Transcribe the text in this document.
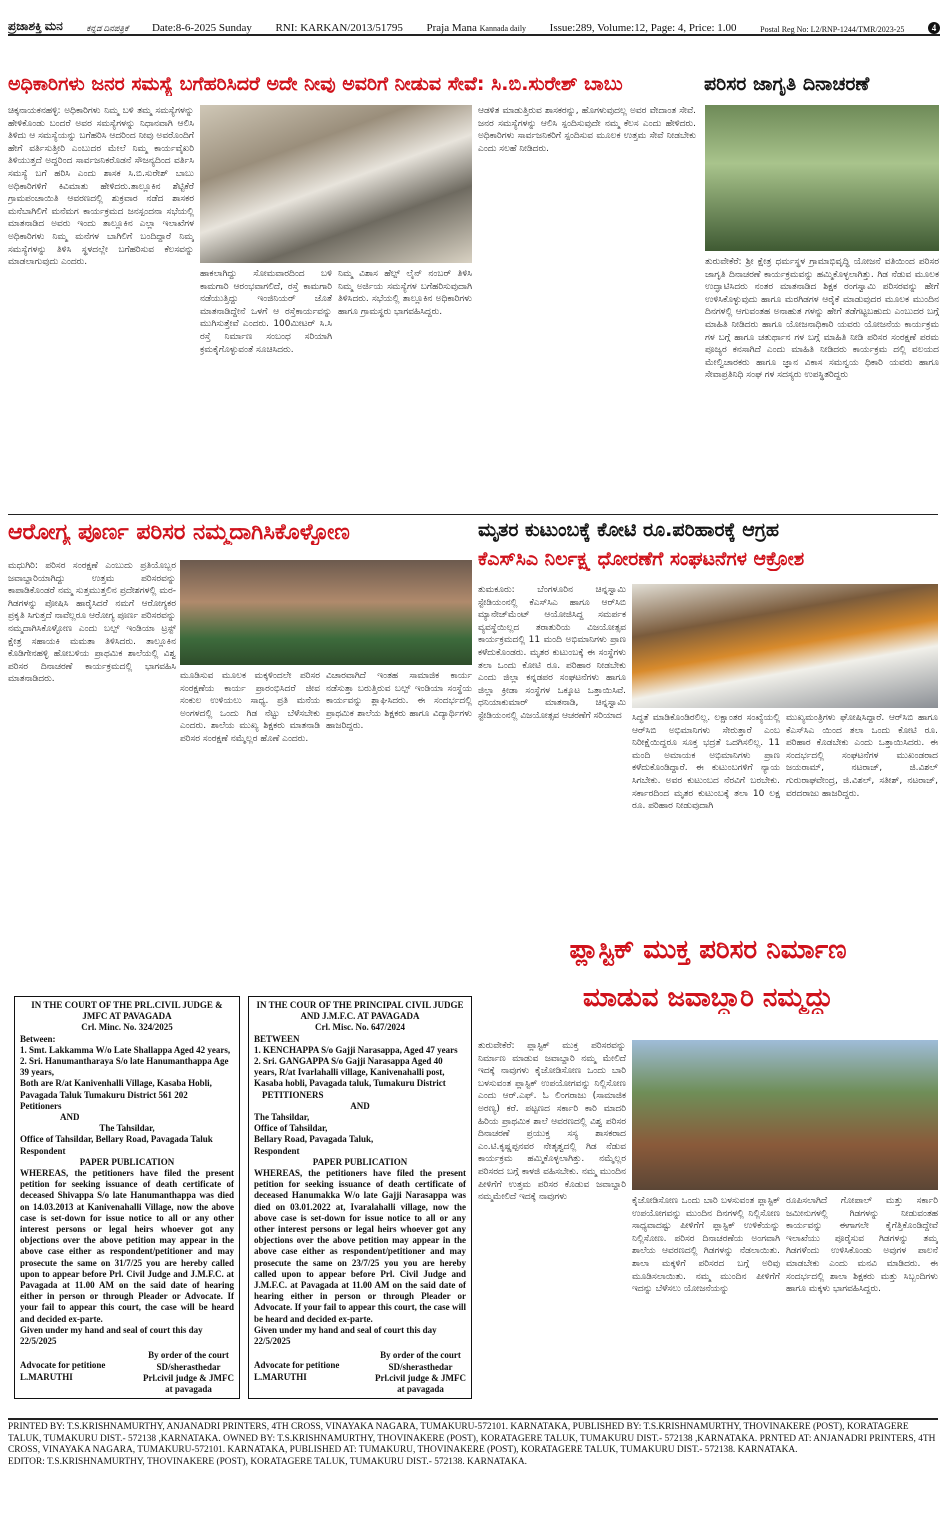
ಪ್ರಜಾಶಕ್ತಿ ಮನ	ಕನ್ನಡ ದಿನಪತ್ರಿಕೆ Date:8-6-2025 Sunday RNI: KARKAN/2013/51795 Praja Mana Kannada daily Issue:289, Volume:12, Page: 4, Price: 1.00	Postal Reg No: L2/RNP-1244/TMR/2023-25	4
ಅಧಿಕಾರಿಗಳು ಜನರ ಸಮಸ್ಯೆ ಬಗೆಹರಿಸಿದರೆ ಅದೇ ನೀವು ಅವರಿಗೆ ನೀಡುವ ಸೇವೆ: ಸಿ.ಬಿ.ಸುರೇಶ್ ಬಾಬು
ಚಿಕ್ಕನಾಯಕನಹಳ್ಳಿ: ಅಧಿಕಾರಿಗಳು ನಿಮ್ಮ ಬಳಿ ತಮ್ಮ ಸಮಸ್ಯೆಗಳನ್ನು ಹೇಳಿಕೊಂಡು ಬಂದರೆ ಅವರ ಸಮಸ್ಯೆಗಳನ್ನು ನಿಧಾನವಾಗಿ ಆಲಿಸಿ ತಿಳಿದು ಆ ಸಮಸ್ಯೆಯನ್ನು ಬಗೆಹರಿಸಿ ಆದರಿಂದ ನೀವು ಅವರೊಂದಿಗೆ ಹೇಗೆ ವರ್ತಿಸುತ್ತೀರಿ ಎಂಬುದರ ಮೇಲೆ ನಿಮ್ಮ ಕಾರ್ಯವೈಖರಿ ತಿಳಿಯುತ್ತದೆ ಅದ್ದರಿಂದ ಸಾರ್ವಜನಿಕರೊಡನೆ ಸೌಜನ್ಯದಿಂದ ವರ್ತಿಸಿ ಸಮಸ್ಯೆ ಬಗೆ ಹರಿಸಿ ಎಂದು ಶಾಸಕ ಸಿ.ಬಿ.ಸುರೇಶ್ ಬಾಬು ಅಧಿಕಾರಿಗಳಿಗೆ ಕಿವಿಮಾತು ಹೇಳಿದರು.ತಾಲ್ಲೂಕಿನ ಶೆಟ್ಟಿಕೆರೆ ಗ್ರಾಮಪಂಚಾಯಿತಿ ಆವರಣದಲ್ಲಿ ಶುಕ್ರವಾರ ನಡೆದ ಶಾಸಕರ ಮನೆಬಾಗಿಲಿಗೆ ಮನೆಮಗ ಕಾರ್ಯಕ್ರಮದ ಜನಸ್ಪಂದನಾ ಸಭೆಯಲ್ಲಿ ಮಾತನಾಡಿದ ಅವರು ಇಂದು ತಾಲ್ಲೂಕಿನ ಎಲ್ಲಾ ಇಲಾಖೆಗಳ ಅಧಿಕಾರಿಗಳು ನಿಮ್ಮ ಮನೆಗಳ ಬಾಗಿಲಿಗೆ ಬಂದಿದ್ದಾರೆ ನಿಮ್ಮ ಸಮಸ್ಯೆಗಳನ್ನು ತಿಳಿಸಿ ಸ್ಥಳದಲ್ಲೇ ಬಗೆಹರಿಸುವ ಕೆಲಸವನ್ನು ಮಾಡಲಾಗುವುದು ಎಂದರು.
ಹಾಕಲಾಗಿದ್ದು ಸೋಮವಾರದಿಂದ ಬಳಿ ಕಾಮಗಾರಿ ಆರಂಭವಾಗಲಿದೆ, ರಸ್ತೆ ಕಾಮಗಾರಿ ನಡೆಯುತ್ತಿದ್ದು ಇಂಜಿನಿಯರ್ ಜೊತೆ ಮಾತನಾಡಿದ್ದೇನೆ ಒಳಗೆ ಆ ರಸ್ತೆಕಾರ್ಯವನ್ನು ಮುಗಿಸುತ್ತೇವೆ ಎಂದರು. 100ಮೀಟರ್ ಸಿ.ಸಿ ರಸ್ತೆ ನಿರ್ಮಾಣ ಸಂಬಂಧ ಸರಿಯಾಗಿ ಕ್ರಮಕೈಗೊಳ್ಳುವಂತೆ ಸೂಚಿಸಿದರು.
ನಿಮ್ಮ ವಿಶಾಸ ಹೆಲ್ಪ್ ಲೈನ್ ನಂಬರ್ ತಿಳಿಸಿ ನಿಮ್ಮ ಅರ್ಜಿಯ ಸಮಸ್ಯೆಗಳ ಬಗೆಹರಿಸುವುದಾಗಿ ತಿಳಿಸಿದರು. ಸಭೆಯಲ್ಲಿ ತಾಲ್ಲೂಕಿನ ಅಧಿಕಾರಿಗಳು ಹಾಗೂ ಗ್ರಾಮಸ್ಥರು ಭಾಗವಹಿಸಿದ್ದರು.
ಆಡಳಿತ ಮಾಡುತ್ತಿರುವ ಶಾಸಕರನ್ನು, ಹೊಗಳುವುದಲ್ಲ ಅವರ ವೇದಾಂತ ಸೇವೆ. ಜನರ ಸಮಸ್ಯೆಗಳನ್ನು ಆಲಿಸಿ ಸ್ಪಂದಿಸುವುದೇ ನಮ್ಮ ಕೆಲಸ ಎಂದು ಹೇಳಿದರು. ಅಧಿಕಾರಿಗಳು ಸಾರ್ವಜನಿಕರಿಗೆ ಸ್ಪಂದಿಸುವ ಮೂಲಕ ಉತ್ತಮ ಸೇವೆ ನೀಡಬೇಕು ಎಂದು ಸಲಹೆ ನೀಡಿದರು.
ಪರಿಸರ ಜಾಗೃತಿ ದಿನಾಚರಣೆ
ತುರುವೇಕೆರೆ: ಶ್ರೀ ಕ್ಷೇತ್ರ ಧರ್ಮಸ್ಥಳ ಗ್ರಾಮಾಭಿವೃದ್ಧಿ ಯೋಜನೆ ವತಿಯಿಂದ ಪರಿಸರ ಜಾಗೃತಿ ದಿನಾಚರಣೆ ಕಾರ್ಯಕ್ರಮವನ್ನು ಹಮ್ಮಿಕೊಳ್ಳಲಾಗಿತ್ತು. ಗಿಡ ನೆಡುವ ಮೂಲಕ ಉದ್ಘಾಟಿಸಿದರು ನಂತರ ಮಾತನಾಡಿದ ಶಿಕ್ಷಕ ರಂಗಸ್ವಾಮಿ ಪರಿಸರವನ್ನು ಹೇಗೆ ಉಳಿಸಿಕೊಳ್ಳುವುದು ಹಾಗೂ ಮರಗಿಡಗಳ ಆರೈಕೆ ಮಾಡುವುದರ ಮೂಲಕ ಮುಂದಿನ ದಿನಗಳಲ್ಲಿ ಆಗುವಂತಹ ಅನಾಹುತ ಗಳನ್ನು ಹೇಗೆ ತಡೆಗಟ್ಟಬಹುದು ಎಂಬುದರ ಬಗ್ಗೆ ಮಾಹಿತಿ ನೀಡಿದರು ಹಾಗೂ ಯೋಜನಾಧಿಕಾರಿ ಯವರು ಯೋಜನೆಯ ಕಾರ್ಯಕ್ರಮ ಗಳ ಬಗ್ಗೆ ಹಾಗೂ ಚತುರ್ಥಾನ ಗಳ ಬಗ್ಗೆ ಮಾಹಿತಿ ನೀಡಿ ಪರಿಸರ ಸಂರಕ್ಷಣೆ ಪರಮ ಪೂಜ್ಯರ ಕನಸಾಗಿದೆ ಎಂದು ಮಾಹಿತಿ ನೀಡಿದರು ಕಾರ್ಯಕ್ರಮ ದಲ್ಲಿ ವಲಯದ ಮೇಲ್ವಿಚಾರಕರು ಹಾಗೂ ಜ್ಞಾನ ವಿಕಾಸ ಸಮನ್ವಯ ಧಿಕಾರಿ ಯವರು ಹಾಗೂ ಸೇವಾಪ್ರತಿನಿಧಿ ಸಂಘ ಗಳ ಸದಸ್ಯರು ಉಪಸ್ಥಿತರಿದ್ದರು
ಆರೋಗ್ಯ ಪೂರ್ಣ ಪರಿಸರ ನಮ್ಮದಾಗಿಸಿಕೊಳ್ಳೋಣ
ಮಧುಗಿರಿ: ಪರಿಸರ ಸಂರಕ್ಷಣೆ ಎಂಬುದು ಪ್ರತಿಯೊಬ್ಬರ ಜವಾಬ್ದಾರಿಯಾಗಿದ್ದು ಉತ್ತಮ ಪರಿಸರವನ್ನು ಕಾಪಾಡಿಕೊಂಡರೆ ನಮ್ಮ ಸುತ್ತಮುತ್ತಲಿನ ಪ್ರದೇಶಗಳಲ್ಲಿ ಮರ-ಗಿಡಗಳನ್ನು ಪೋಷಿಸಿ ಹಾರೈಸಿದರೆ ನಮಗೆ ಆರೋಗ್ಯಕರ ಪ್ರಕೃತಿ ಸಿಗುತ್ತದೆ ನಾವೆಲ್ಲರೂ ಆರೋಗ್ಯ ಪೂರ್ಣ ಪರಿಸರವನ್ನು ನಮ್ಮದಾಗಿಸಿಕೊಳ್ಳೋಣ ಎಂದು ಬಲ್ಪ್ ಇಂಡಿಯಾ ಟ್ರಸ್ಟ್ ಕ್ಷೇತ್ರ ಸಹಾಯಕಿ ಮಮತಾ ತಿಳಿಸಿದರು. ತಾಲ್ಲೂಕಿನ ಕೊಡಿಗೇನಹಳ್ಳಿ ಹೋಬಳಿಯ ಪ್ರಾಥಮಿಕ ಶಾಲೆಯಲ್ಲಿ ವಿಶ್ವ ಪರಿಸರ ದಿನಾಚರಣೆ ಕಾರ್ಯಕ್ರಮದಲ್ಲಿ ಭಾಗವಹಿಸಿ ಮಾತನಾಡಿದರು.	ಮೂಡಿಸುವ ಮೂಲಕ ಮಕ್ಕಳಿಂದಲೇ ಪರಿಸರ ಸಂರಕ್ಷಣೆಯ ಕಾರ್ಯ ಪ್ರಾರಂಭಿಸಿದರೆ ಜೀವ ಸಂಕುಲ ಉಳಿಯಲು ಸಾಧ್ಯ. ಪ್ರತಿ ಮನೆಯ ಅಂಗಳದಲ್ಲಿ ಒಂದು ಗಿಡ ನೆಟ್ಟು ಬೆಳೆಸಬೇಕು ಎಂದರು. ಶಾಲೆಯ ಮುಖ್ಯ ಶಿಕ್ಷಕರು ಮಾತನಾಡಿ ಪರಿಸರ ಸಂರಕ್ಷಣೆ ನಮ್ಮೆಲ್ಲರ ಹೊಣೆ ಎಂದರು.
ವಿಚಾರವಾಗಿದೆ ಇಂತಹ ಸಾಮಾಜಿಕ ಕಾರ್ಯ ನಡೆಸುತ್ತಾ ಬರುತ್ತಿರುವ ಬಲ್ಪ್ ಇಂಡಿಯಾ ಸಂಸ್ಥೆಯ ಕಾರ್ಯವನ್ನು ಶ್ಲಾಘಿಸಿದರು. ಈ ಸಂದರ್ಭದಲ್ಲಿ ಪ್ರಾಥಮಿಕ ಶಾಲೆಯ ಶಿಕ್ಷಕರು ಹಾಗೂ ವಿದ್ಯಾರ್ಥಿಗಳು ಹಾಜರಿದ್ದರು.
ಮೃತರ ಕುಟುಂಬಕ್ಕೆ ಕೋಟಿ ರೂ.ಪರಿಹಾರಕ್ಕೆ ಆಗ್ರಹ
ಕೆಎಸ್‌ಸಿಎ ನಿರ್ಲಕ್ಷ್ಯ ಧೋರಣೆಗೆ ಸಂಘಟನೆಗಳ ಆಕ್ರೋಶ
ತುಮಕೂರು: ಬೆಂಗಳೂರಿನ ಚಿನ್ನಸ್ವಾಮಿ ಸ್ಟೇಡಿಯಂನಲ್ಲಿ ಕೆಎಸ್‌ಸಿಎ ಹಾಗೂ ಆರ್‌ಸಿಬಿ ಮ್ಯಾನೇಜ್‌ಮೆಂಟ್ ಆಯೋಜಿಸಿದ್ದ ಸಮರ್ಪಕ ವ್ಯವಸ್ಥೆಯಿಲ್ಲದ ತರಾತುರಿಯ ವಿಜಯೋತ್ಸವ ಕಾರ್ಯಕ್ರಮದಲ್ಲಿ 11 ಮಂದಿ ಅಭಿಮಾನಿಗಳು ಪ್ರಾಣ ಕಳೆದುಕೊಂಡರು. ಮೃತರ ಕುಟುಂಬಕ್ಕೆ ಈ ಸಂಸ್ಥೆಗಳು ತಲಾ ಒಂದು ಕೋಟಿ ರೂ. ಪರಿಹಾರ ನೀಡಬೇಕು ಎಂದು ಜಿಲ್ಲಾ ಕನ್ನಡಪರ ಸಂಘಟನೆಗಳು ಹಾಗೂ ಜಿಲ್ಲಾ ಕ್ರೀಡಾ ಸಂಸ್ಥೆಗಳ ಒಕ್ಕೂಟ ಒತ್ತಾಯಿಸಿವೆ. ಧನಿಯಾಕುಮಾರ್ ಮಾತನಾಡಿ, ಚಿನ್ನಸ್ವಾಮಿ ಸ್ಟೇಡಿಯಂನಲ್ಲಿ ವಿಜಯೋತ್ಸವ ಆಚರಣೆಗೆ ಸರಿಯಾದ	ಸಿದ್ಧತೆ ಮಾಡಿಕೊಂಡಿರಲಿಲ್ಲ. ಲಕ್ಷಾಂತರ ಸಂಖ್ಯೆಯಲ್ಲಿ ಆರ್‌ಸಿಬಿ ಅಭಿಮಾನಿಗಳು ಸೇರುತ್ತಾರೆ ಎಂಬ ನಿರೀಕ್ಷೆಯಿದ್ದರೂ ಸೂಕ್ತ ಭದ್ರತೆ ಒದಗಿಸಲಿಲ್ಲ. 11 ಮಂದಿ ಅಮಾಯಕ ಅಭಿಮಾನಿಗಳು ಪ್ರಾಣ ಕಳೆದುಕೊಂಡಿದ್ದಾರೆ. ಈ ಕುಟುಂಬಗಳಿಗೆ ನ್ಯಾಯ ಸಿಗಬೇಕು. ಅವರ ಕುಟುಂಬದ ನೆರವಿಗೆ ಬರಬೇಕು. ಸರ್ಕಾರದಿಂದ ಮೃತರ ಕುಟುಂಬಕ್ಕೆ ತಲಾ 10 ಲಕ್ಷ ರೂ. ಪರಿಹಾರ ನೀಡುವುದಾಗಿ
ಮುಖ್ಯಮಂತ್ರಿಗಳು ಘೋಷಿಸಿದ್ದಾರೆ. ಆರ್‌ಸಿಬಿ ಹಾಗೂ ಕೆಎಸ್‌ಸಿಎ ಯಿಂದ ತಲಾ ಒಂದು ಕೋಟಿ ರೂ. ಪರಿಹಾರ ಕೊಡಬೇಕು ಎಂದು ಒತ್ತಾಯಿಸಿದರು. ಈ ಸಂದರ್ಭದಲ್ಲಿ ಸಂಘಟನೆಗಳ ಮುಖಂಡರಾದ ಜಯರಾಮ್, ನಟರಾಜ್, ಜಿ.ವಿಶಲ್ ಗುರುರಾಘವೇಂದ್ರ, ಜಿ.ವಿಶಲ್, ಸತೀಶ್, ನಟರಾಜ್, ವರದರಾಜು ಹಾಜರಿದ್ದರು.
ಪ್ಲಾಸ್ಟಿಕ್ ಮುಕ್ತ ಪರಿಸರ ನಿರ್ಮಾಣ
ಮಾಡುವ ಜವಾಬ್ದಾರಿ ನಮ್ಮದ್ದು
ತುರುವೇಕೆರೆ: ಪ್ಲಾಸ್ಟಿಕ್ ಮುಕ್ತ ಪರಿಸರವನ್ನು ನಿರ್ಮಾಣ ಮಾಡುವ ಜವಾಬ್ದಾರಿ ನಮ್ಮ ಮೇಲಿದೆ ಇದಕ್ಕೆ ನಾವುಗಳು ಕೈಜೋಡಿಸೋಣ ಒಂದು ಬಾರಿ ಬಳಸುವಂತ ಪ್ಲಾಸ್ಟಿಕ್ ಉಪಯೋಗವನ್ನು ನಿಲ್ಲಿಸೋಣ ಎಂದು ಆರ್.ಎಫ್. ಓ ಲಿಂಗರಾಜು (ಸಾಮಾಜಿಕ ಅರಣ್ಯ) ಕರೆ. ಪಟ್ಟಣದ ಸರ್ಕಾರಿ ಕಾರಿ ಮಾದರಿ ಹಿರಿಯ ಪ್ರಾಥಮಿಕ ಶಾಲೆ ಆವರಣದಲ್ಲಿ ವಿಶ್ವ ಪರಿಸರ ದಿನಾಚರಣೆ ಪ್ರಯುಕ್ತ ಸಸ್ಯ ಶಾಸಕರಾದ ಎಂ.ಟಿ.ಕೃಷ್ಣಪ್ಪನವರ ನೇತೃತ್ವದಲ್ಲಿ ಗಿಡ ನೆಡುವ ಕಾರ್ಯಕ್ರಮ ಹಮ್ಮಿಕೊಳ್ಳಲಾಗಿತ್ತು. ನಮ್ಮೆಲ್ಲರ ಪರಿಸರದ ಬಗ್ಗೆ ಕಾಳಜಿ ವಹಿಸಬೇಕು. ನಮ್ಮ ಮುಂದಿನ ಪೀಳಿಗೆಗೆ ಉತ್ತಮ ಪರಿಸರ ಕೊಡುವ ಜವಾಬ್ದಾರಿ ನಮ್ಮಮೇಲಿದೆ ಇದಕ್ಕೆ ನಾವುಗಳು	ಕೈಜೋಡಿಸೋಣ ಒಂದು ಬಾರಿ ಬಳಸುವಂತ ಪ್ಲಾಸ್ಟಿಕ್ ಉಪಯೋಗವನ್ನು ಮುಂದಿನ ದಿನಗಳಲ್ಲಿ ನಿಲ್ಲಿಸೋಣ ಸಾಧ್ಯವಾದಷ್ಟು ಪೀಳಿಗೆಗೆ ಪ್ಲಾಸ್ಟಿಕ್ ಉಳಿಕೆಯನ್ನು ನಿಲ್ಲಿಸೋಣ. ಪರಿಸರ ದಿನಾಚರಣೆಯ ಅಂಗವಾಗಿ ಶಾಲೆಯ ಆವರಣದಲ್ಲಿ ಗಿಡಗಳನ್ನು ನೆಡಲಾಯಿತು. ಶಾಲಾ ಮಕ್ಕಳಿಗೆ ಪರಿಸರದ ಬಗ್ಗೆ ಅರಿವು ಮೂಡಿಸಲಾಯಿತು. ನಮ್ಮ ಮುಂದಿನ ಪೀಳಿಗೆಗೆ ಇದನ್ನು ಬೆಳೆಸಲು ಯೋಜನೆಯನ್ನು
ರೂಪಿಸಲಾಗಿದೆ ಗೋಪಾಲ್ ಮತ್ತು ಸರ್ಕಾರಿ ಜಮೀನುಗಳಲ್ಲಿ ಗಿಡಗಳನ್ನು ನೀಡುವಂತಹ ಕಾರ್ಯವನ್ನು ಈಗಾಗಲೇ ಕೈಗೆತ್ತಿಕೊಂಡಿದ್ದೇವೆ ಇಲಾಖೆಯು ಪೂರೈಸುವ ಗಿಡಗಳನ್ನು ತಮ್ಮ ಗಿಡಗಳೆಂದು ಉಳಿಸಿಕೊಂಡು ಅವುಗಳ ಪಾಲನೆ ಮಾಡಬೇಕು ಎಂದು ಮನವಿ ಮಾಡಿದರು. ಈ ಸಂದರ್ಭದಲ್ಲಿ ಶಾಲಾ ಶಿಕ್ಷಕರು ಮತ್ತು ಸಿಬ್ಬಂದಿಗಳು ಹಾಗೂ ಮಕ್ಕಳು ಭಾಗವಹಿಸಿದ್ದರು.
IN THE COURT OF THE PRL.CIVIL JUDGE & JMFC AT PAVAGADA
Crl. Minc. No. 324/2025
Between:
1. Smt. Lakkamma W/o Late Shallappa Aged 42 years,
2. Sri. Hanumantharaya S/o late Hanumanthappa Age 39 years,
Both are R/at Kanivenhalli Village, Kasaba Hobli, Pavagada Taluk Tumakuru District 561 202
Petitioners
AND
The Tahsildar,
Office of Tahsildar, Bellary Road, Pavagada Taluk
Respondent
PAPER PUBLICATION
WHEREAS, the petitioners have filed the present petition for seeking issuance of death certificate of deceased Shivappa S/o late Hanumanthappa was died on 14.03.2013 at Kanivenahalli Village, now the above case is set-down for issue notice to all or any other interest persons or legal heirs whoever got any objections over the above petition may appear in the above case either as respondent/petitioner and may prosecute the same on 31/7/25 you are hereby called upon to appear before Prl. Civil Judge and J.M.F.C. at Pavagada at 11.00 AM on the said date of hearing either in person or through Pleader or Advocate. If your fail to appear this court, the case will be heard and decided ex-parte.
Given under my hand and seal of court this day 22/5/2025
Advocate for petitione
L.MARUTHI
By order of the court
SD/sherasthedar
Prl.civil judge & JMFC
at pavagada
IN THE COUR OF THE PRINCIPAL CIVIL JUDGE AND J.M.F.C. AT PAVAGADA
Crl. Misc. No. 647/2024
BETWEEN
1. KENCHAPPA S/o Gajji Narasappa, Aged 47 years
2. Sri. GANGAPPA S/o Gajji Narasappa Aged 40 years, R/at Ivarlahalli village, Kanivenahalli post, Kasaba hobli, Pavagada taluk, Tumakuru District
PETITIONERS
AND
The Tahsildar,
Office of Tahsildar,
Bellary Road, Pavagada Taluk,
Respondent
PAPER PUBLICATION
WHEREAS, the petitioners have filed the present petition for seeking issuance of death certificate of deceased Hanumakka W/o late Gajji Narasappa was died on 03.01.2022 at, Ivaralahalli village, now the above case is set-down for issue notice to all or any other interest persons or legal heirs whoever got any objections over the above petition may appear in the above case either as respondent/petitioner and may prosecute the same on 23/7/25 you you are hereby called upon to appear before Prl. Civil Judge and J.M.F.C. at Pavagada at 11.00 AM on the said date of hearing either in person or through Pleader or Advocate. If your fail to appear this court, the case will be heard and decided ex-parte.
Given under my hand and seal of court this day 22/5/2025
Advocate for petitione
L.MARUTHI
By order of the court
SD/sherasthedar
Prl.civil judge & JMFC
at pavagada
PRINTED BY: T.S.KRISHNAMURTHY, ANJANADRI PRINTERS, 4TH CROSS, VINAYAKA NAGARA, TUMAKURU-572101. KARNATAKA, PUBLISHED BY: T.S.KRISHNAMURTHY, THOVINAKERE (POST), KORATAGERE TALUK, TUMAKURU DIST.- 572138 ,KARNATAKA. OWNED BY: T.S.KRISHNAMURTHY, THOVINAKERE (POST), KORATAGERE TALUK, TUMAKURU DIST.- 572138 ,KARNATAKA. PRNTED AT: ANJANADRI PRINTERS, 4TH CROSS, VINAYAKA NAGARA, TUMAKURU-572101. KARNATAKA, PUBLISHED AT: TUMAKURU, THOVINAKERE (POST), KORATAGERE TALUK, TUMAKURU DIST.- 572138. KARNATAKA.
EDITOR: T.S.KRISHNAMURTHY, THOVINAKERE (POST), KORATAGERE TALUK, TUMAKURU DIST.- 572138. KARNATAKA.
